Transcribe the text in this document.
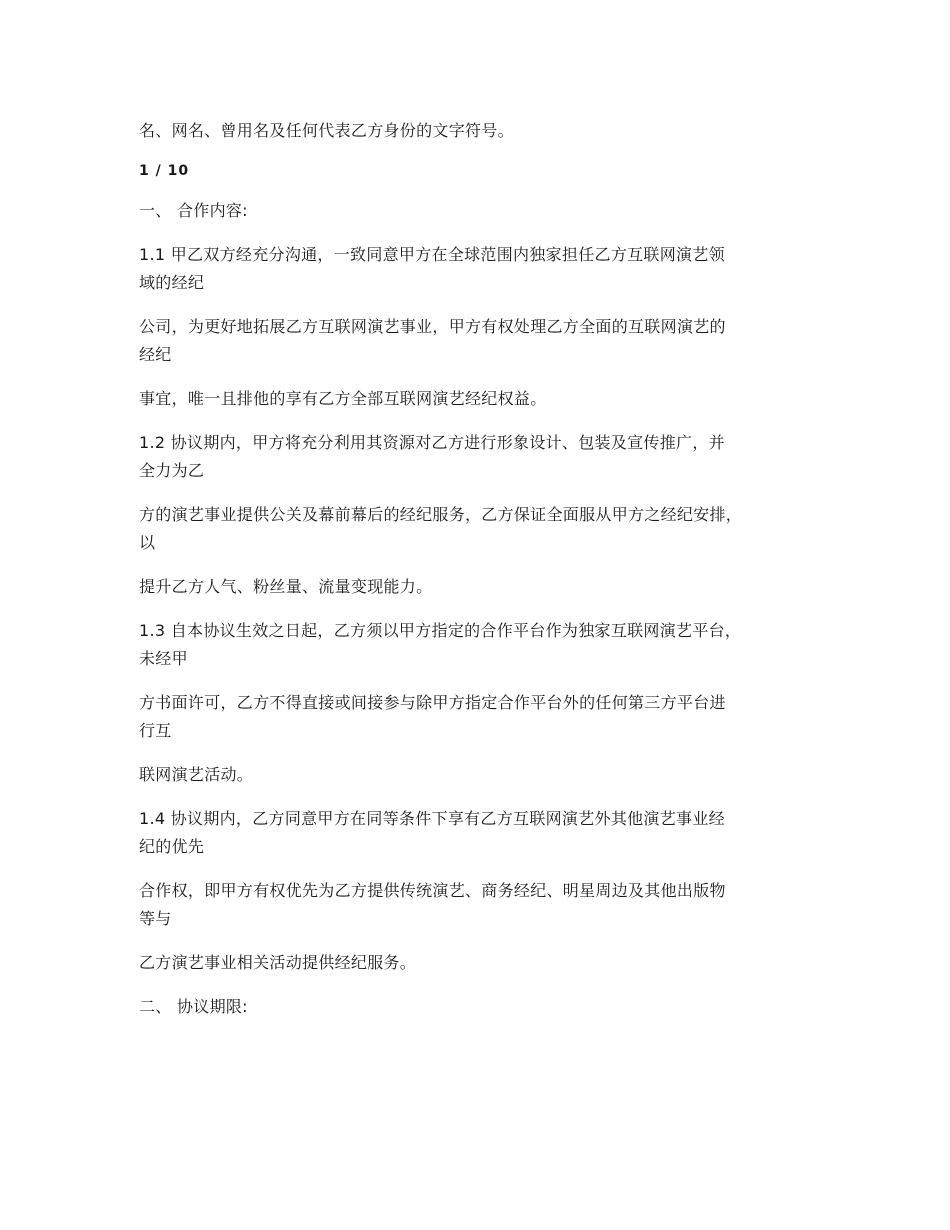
名、网名、曾用名及任何代表乙方身份的文字符号。

1 / 10

一、 合作内容:

1.1 甲乙双方经充分沟通，一致同意甲方在全球范围内独家担任乙方互联网演艺领

域的经纪

公司，为更好地拓展乙方互联网演艺事业，甲方有权处理乙方全面的互联网演艺的

经纪

事宜，唯一且排他的享有乙方全部互联网演艺经纪权益。

1.2 协议期内，甲方将充分利用其资源对乙方进行形象设计、包装及宣传推广，并

全力为乙

方的演艺事业提供公关及幕前幕后的经纪服务，乙方保证全面服从甲方之经纪安排，

以

提升乙方人气、粉丝量、流量变现能力。

1.3 自本协议生效之日起，乙方须以甲方指定的合作平台作为独家互联网演艺平台，

未经甲

方书面许可，乙方不得直接或间接参与除甲方指定合作平台外的任何第三方平台进

行互

联网演艺活动。

1.4 协议期内，乙方同意甲方在同等条件下享有乙方互联网演艺外其他演艺事业经

纪的优先

合作权，即甲方有权优先为乙方提供传统演艺、商务经纪、明星周边及其他出版物

等与

乙方演艺事业相关活动提供经纪服务。

二、 协议期限:
